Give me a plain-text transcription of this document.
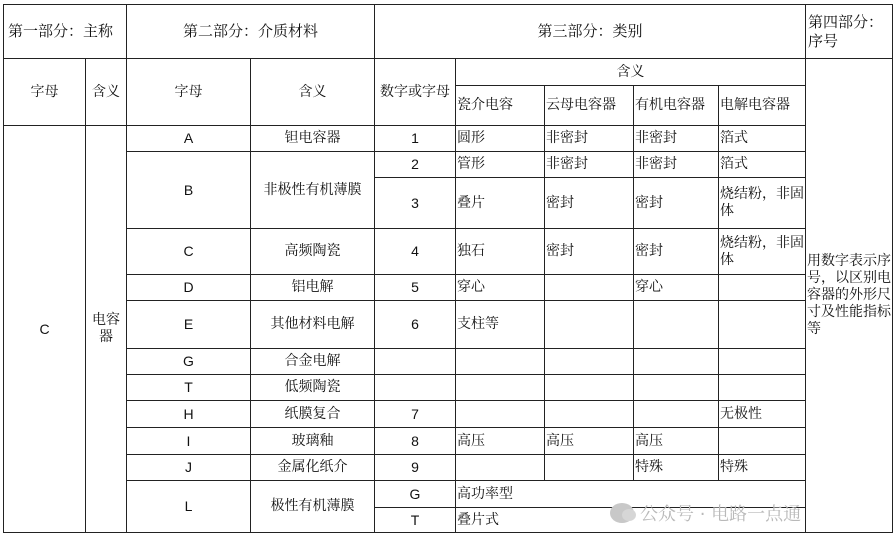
第一部分：主称		第二部分：介质材料		第三部分：类别					第四部分：序号
字母	含义	字母	含义	数字或字母	含义				用数字表示序号，以区别电容器的外形尺寸及性能指标等
					瓷介电容	云母电容器	有机电容器	电解电容器	
C	电容器	A	钽电容器	1	圆形	非密封	非密封	箔式	
		B	非极性有机薄膜	2	管形	非密封	非密封	箔式	
				3	叠片	密封	密封	烧结粉，非固体	

		C	高频陶瓷	4	独石	密封	密封	烧结粉，非固体	
		D	铝电解	5	穿心		穿心		
		E	其他材料电解	6	支柱等				
		G	合金电解						
		T	低频陶瓷						
		H	纸膜复合	7				无极性	
		I	玻璃釉	8	高压	高压	高压		
		J	金属化纸介	9			特殊	特殊	
		L	极性有机薄膜	G	高功率型				
				T	叠片式					公众号 · 电路一点通
